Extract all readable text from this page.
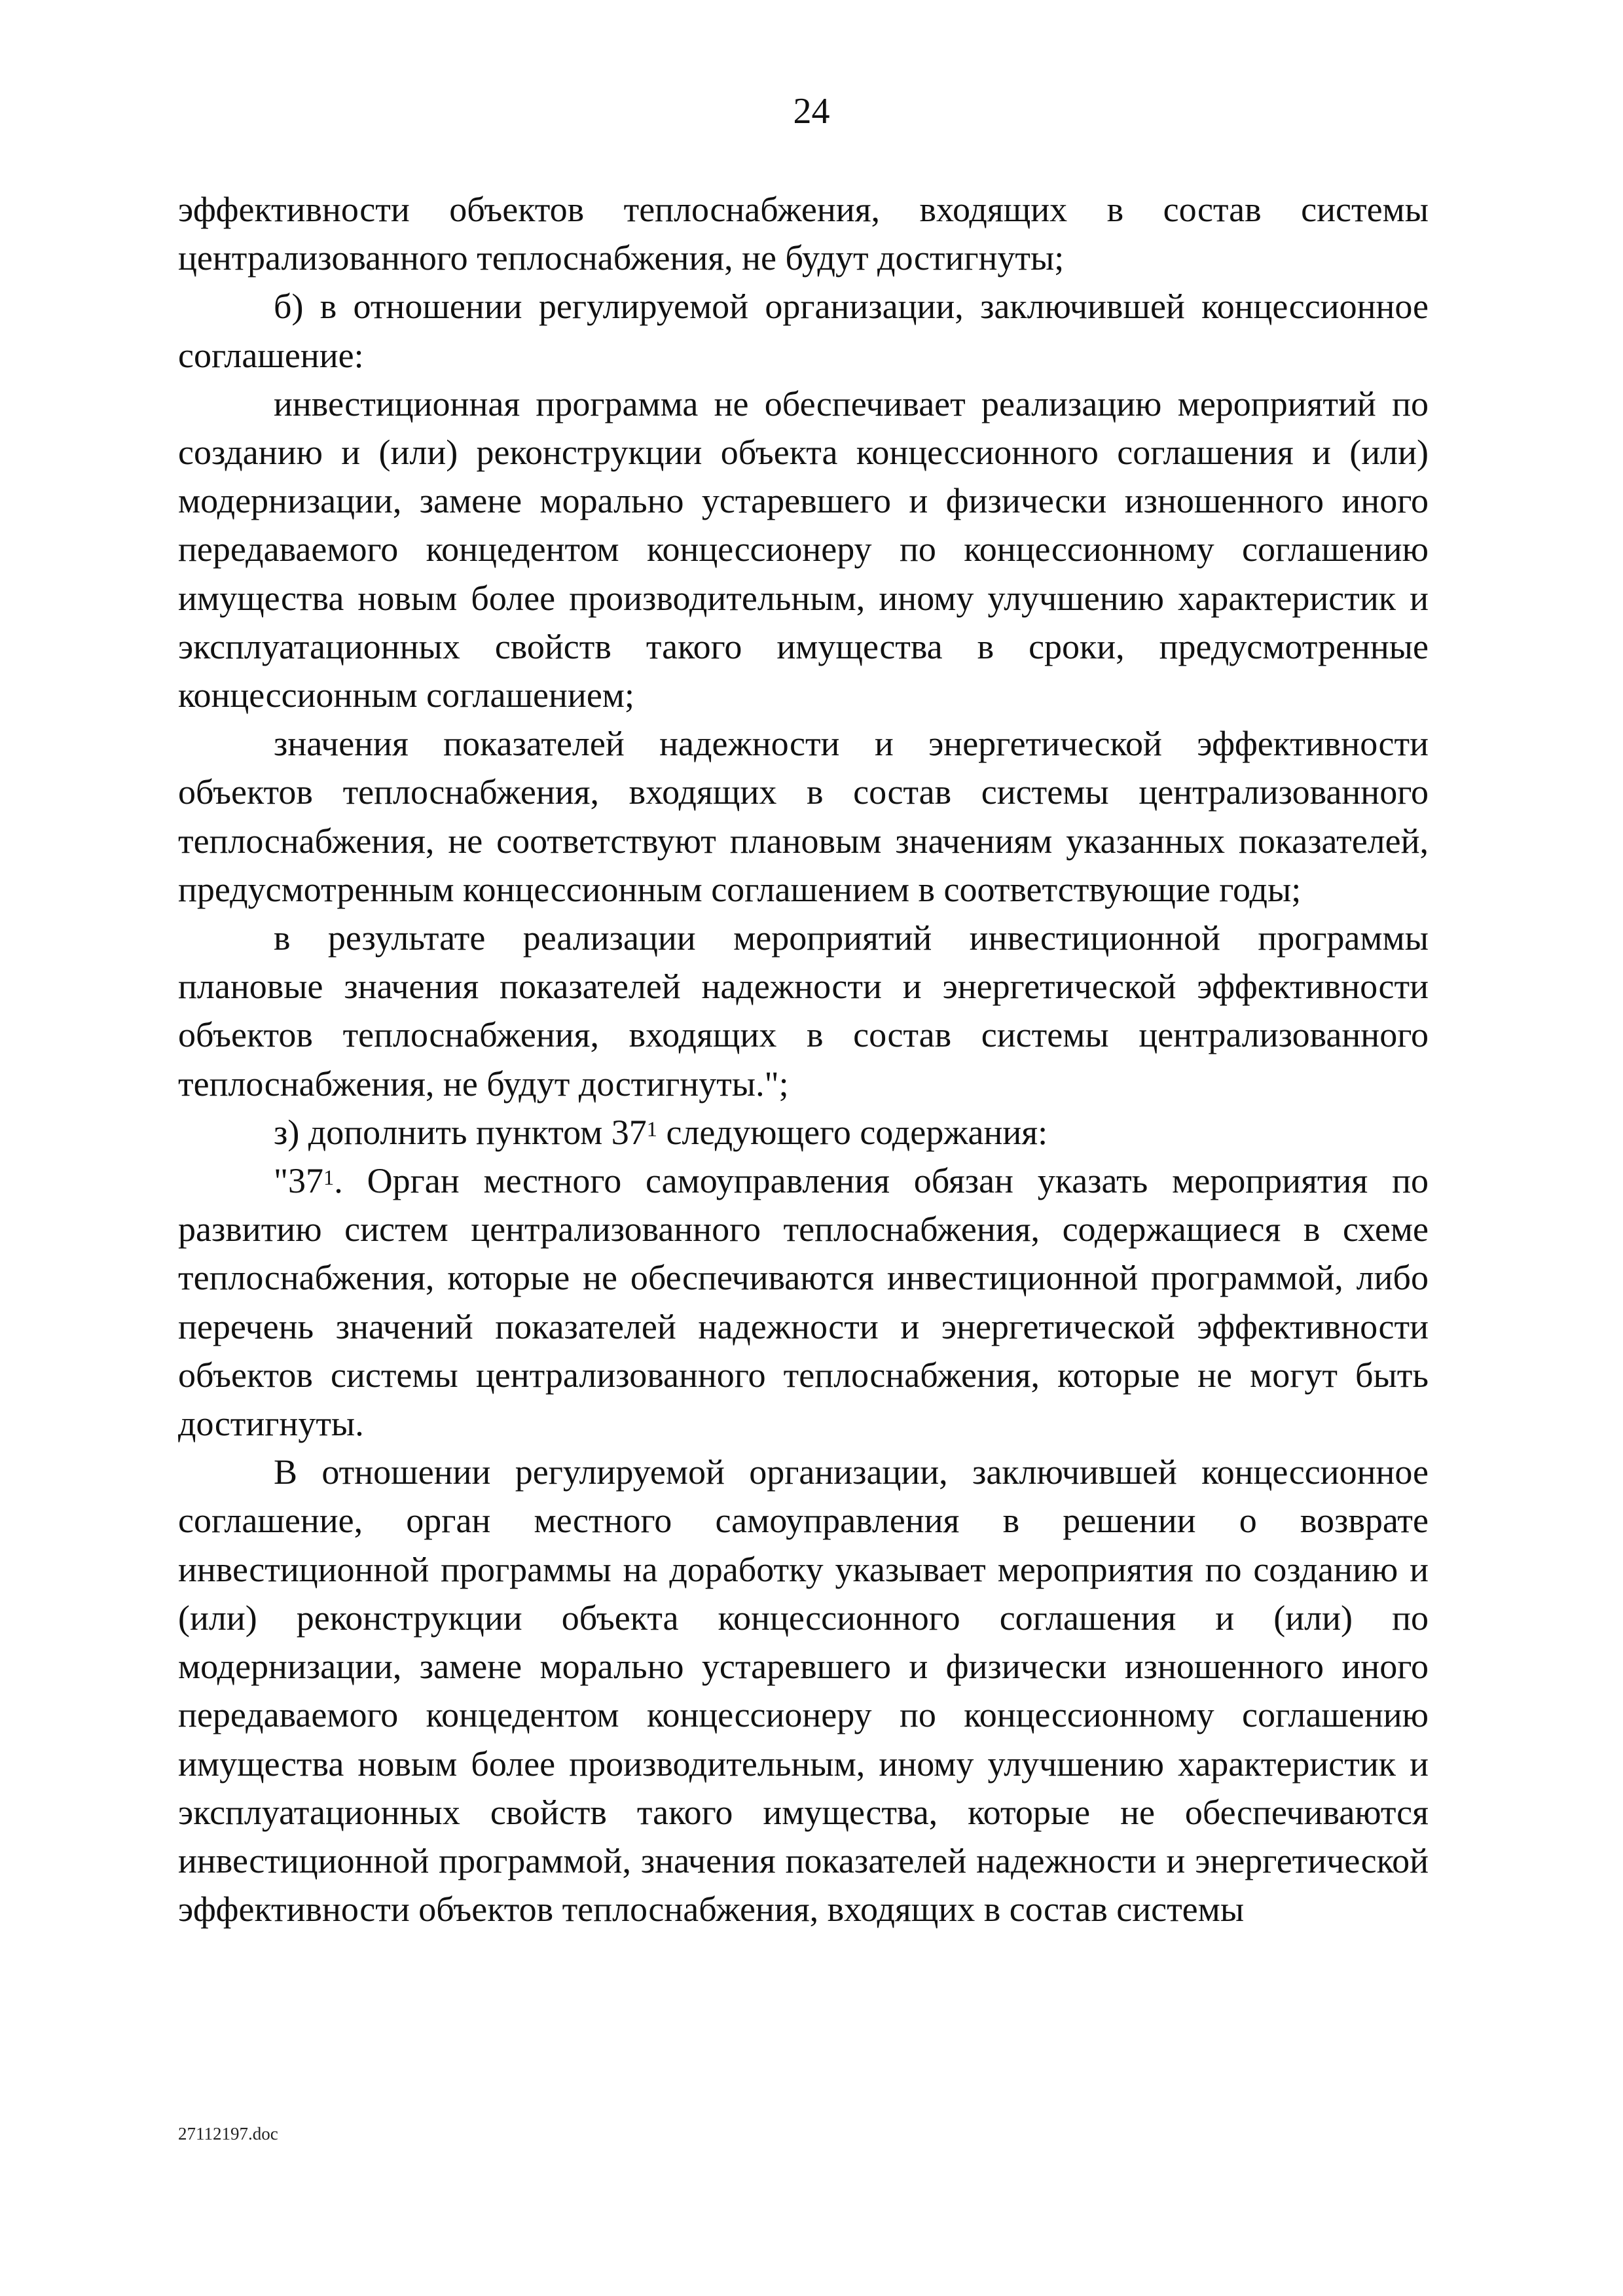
24

эффективности объектов теплоснабжения, входящих в состав системы централизованного теплоснабжения, не будут достигнуты;

б) в отношении регулируемой организации, заключившей концессионное соглашение:

инвестиционная программа не обеспечивает реализацию мероприятий по созданию и (или) реконструкции объекта концессионного соглашения и (или) модернизации, замене морально устаревшего и физически изношенного иного передаваемого концедентом концессионеру по концессионному соглашению имущества новым более производительным, иному улучшению характеристик и эксплуатационных свойств такого имущества в сроки, предусмотренные концессионным соглашением;

значения показателей надежности и энергетической эффективности объектов теплоснабжения, входящих в состав системы централизованного теплоснабжения, не соответствуют плановым значениям указанных показателей, предусмотренным концессионным соглашением в соответствующие годы;

в результате реализации мероприятий инвестиционной программы плановые значения показателей надежности и энергетической эффективности объектов теплоснабжения, входящих в состав системы централизованного теплоснабжения, не будут достигнуты.";

з) дополнить пунктом $37^1$ следующего содержания:

"$37^1$. Орган местного самоуправления обязан указать мероприятия по развитию систем централизованного теплоснабжения, содержащиеся в схеме теплоснабжения, которые не обеспечиваются инвестиционной программой, либо перечень значений показателей надежности и энергетической эффективности объектов системы централизованного теплоснабжения, которые не могут быть достигнуты.

В отношении регулируемой организации, заключившей концессионное соглашение, орган местного самоуправления в решении о возврате инвестиционной программы на доработку указывает мероприятия по созданию и (или) реконструкции объекта концессионного соглашения и (или) по модернизации, замене морально устаревшего и физически изношенного иного передаваемого концедентом концессионеру по концессионному соглашению имущества новым более производительным, иному улучшению характеристик и эксплуатационных свойств такого имущества, которые не обеспечиваются инвестиционной программой, значения показателей надежности и энергетической эффективности объектов теплоснабжения, входящих в состав системы

27112197.doc
